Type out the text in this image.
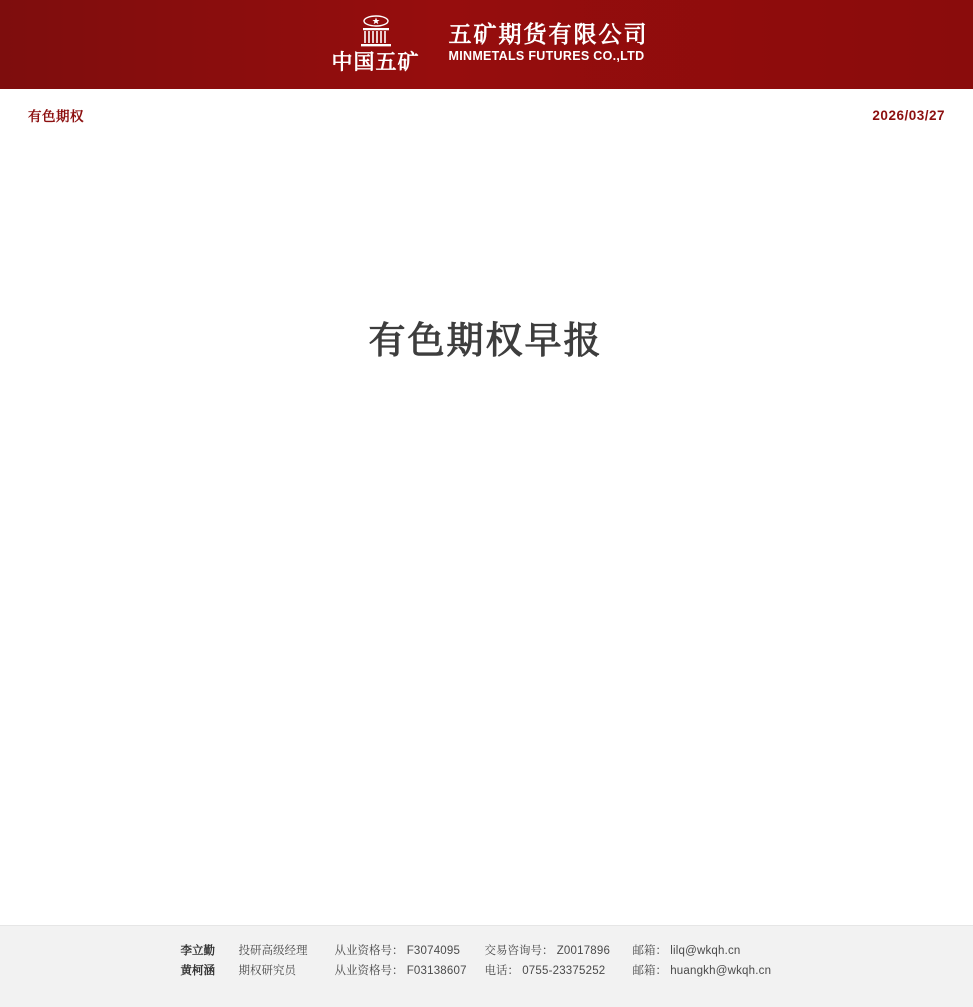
中国五矿
五矿期货有限公司
MINMETALS FUTURES CO.,LTD
有色期权	2026/03/27
有色期权早报
李立勤	投研高级经理	从业资格号： F3074095	交易咨询号： Z0017896	邮箱： lilq@wkqh.cn
黄柯涵	期权研究员	从业资格号： F03138607	电话： 0755-23375252	邮箱： huangkh@wkqh.cn
